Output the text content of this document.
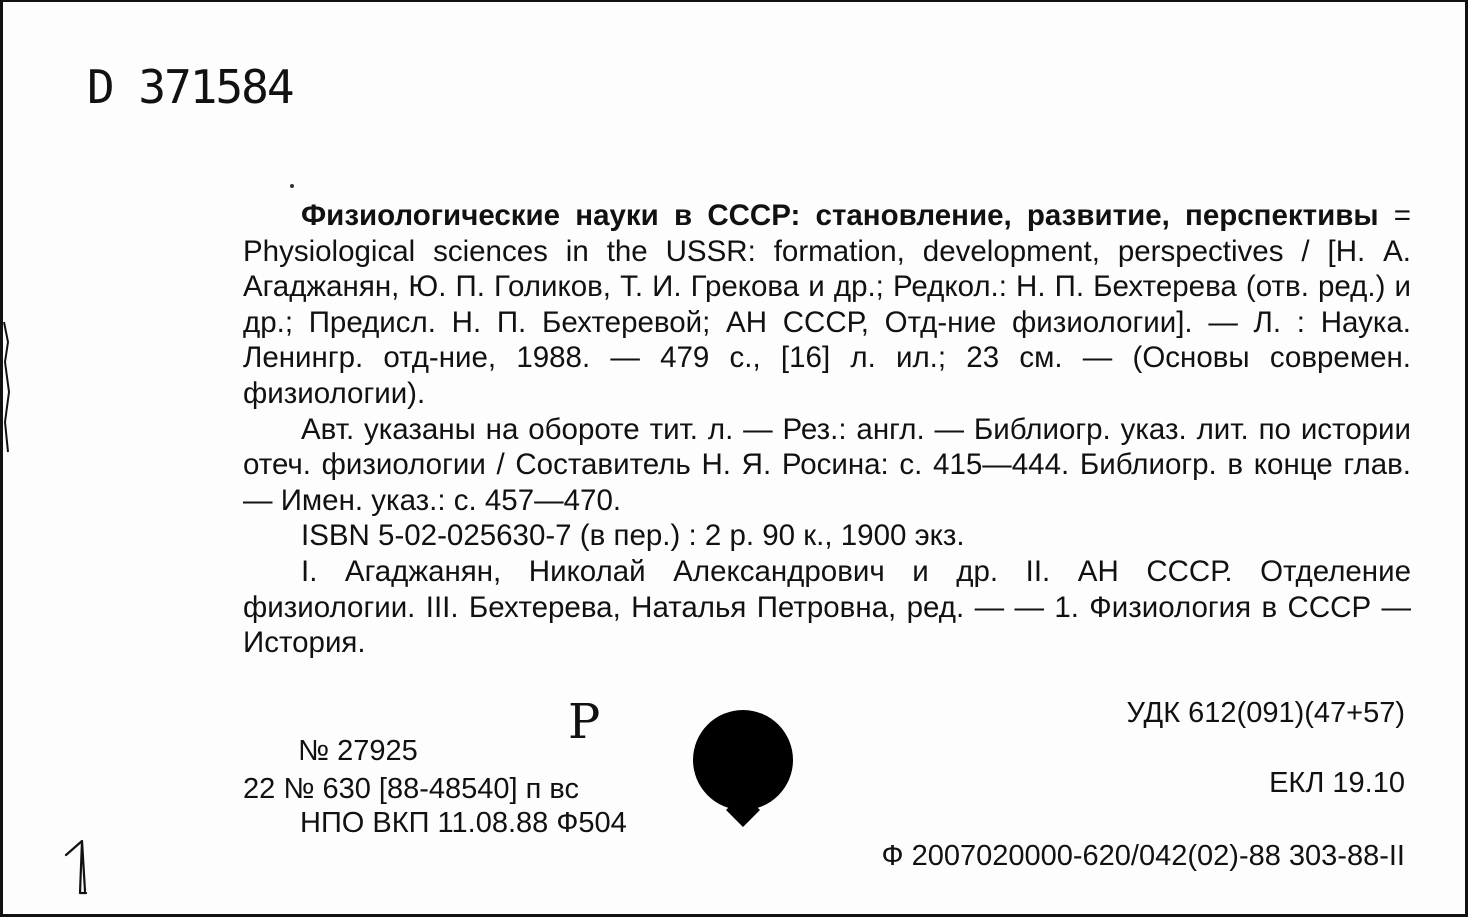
D 371584

Физиологические науки в СССР: становление, развитие, перспективы = Physiological sciences in the USSR: formation, development, perspectives / [Н. А. Агаджанян, Ю. П. Голиков, Т. И. Грекова и др.; Редкол.: Н. П. Бехтерева (отв. ред.) и др.; Предисл. Н. П. Бехтеревой; АН СССР, Отд-ние физиологии]. — Л. : Наука. Ленингр. отд-ние, 1988. — 479 с., [16] л. ил.; 23 см. — (Основы современ. физиологии).

Авт. указаны на обороте тит. л. — Рез.: англ. — Библиогр. указ. лит. по истории отеч. физиологии / Составитель Н. Я. Росина: с. 415—444. Библиогр. в конце глав. — Имен. указ.: с. 457—470.

ISBN 5-02-025630-7 (в пер.) : 2 р. 90 к., 1900 экз.

I. Агаджанян, Николай Александрович и др. II. АН СССР. Отделение физиологии. III. Бехтерева, Наталья Петровна, ред. — — 1. Физиология в СССР — История.

УДК 612(091)(47+57)
Р
№ 27925
22 № 630 [88-48540] п вс	ЕКЛ 19.10
НПО ВКП 11.08.88 Ф504
Ф 2007020000-620/042(02)-88 303-88-II
